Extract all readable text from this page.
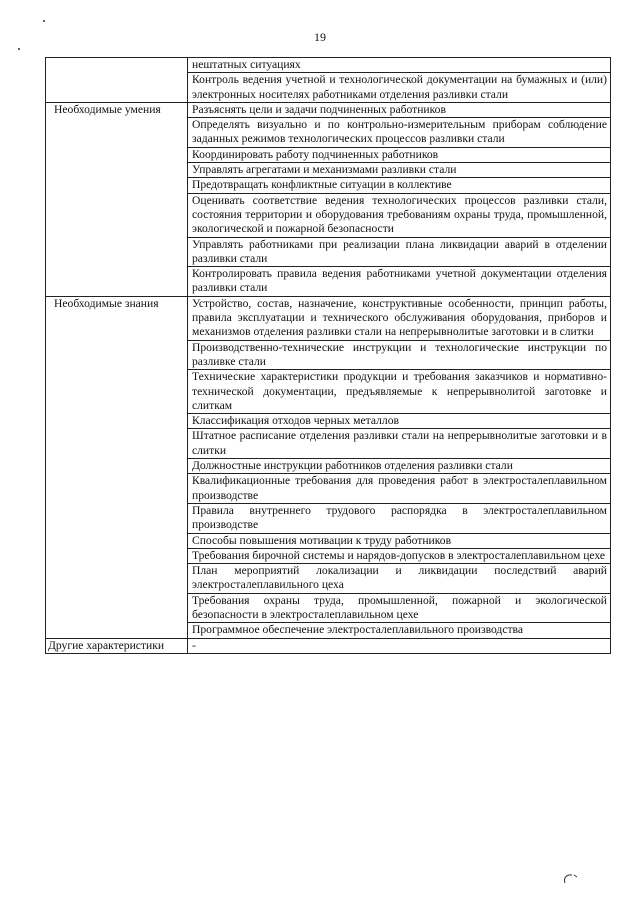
19
	нештатных ситуациях
	Контроль ведения учетной и технологической документации на бумажных и (или) электронных носителях работниками отделения разливки стали
Необходимые умения	Разъяснять цели и задачи подчиненных работников
	Определять визуально и по контрольно-измерительным приборам соблюдение заданных режимов технологических процессов разливки стали
	Координировать работу подчиненных работников
	Управлять агрегатами и механизмами разливки стали
	Предотвращать конфликтные ситуации в коллективе
	Оценивать соответствие ведения технологических процессов разливки стали, состояния территории и оборудования требованиям охраны труда, промышленной, экологической и пожарной безопасности
	Управлять работниками при реализации плана ликвидации аварий в отделении разливки стали
	Контролировать правила ведения работниками учетной документации отделения разливки стали
Необходимые знания	Устройство, состав, назначение, конструктивные особенности, принцип работы, правила эксплуатации и технического обслуживания оборудования, приборов и механизмов отделения разливки стали на непрерывнолитые заготовки и в слитки
	Производственно-технические инструкции и технологические инструкции по разливке стали
	Технические характеристики продукции и требования заказчиков и нормативно-технической документации, предъявляемые к непрерывнолитой заготовке и слиткам
	Классификация отходов черных металлов
	Штатное расписание отделения разливки стали на непрерывнолитые заготовки и в слитки
	Должностные инструкции работников отделения разливки стали
	Квалификационные требования для проведения работ в электросталеплавильном производстве
	Правила внутреннего трудового распорядка в электросталеплавильном производстве
	Способы повышения мотивации к труду работников
	Требования бирочной системы и нарядов-допусков в электросталеплавильном цехе
	План мероприятий локализации и ликвидации последствий аварий электросталеплавильного цеха
	Требования охраны труда, промышленной, пожарной и экологической безопасности в электросталеплавильном цехе
	Программное обеспечение электросталеплавильного производства
Другие характеристики	-
